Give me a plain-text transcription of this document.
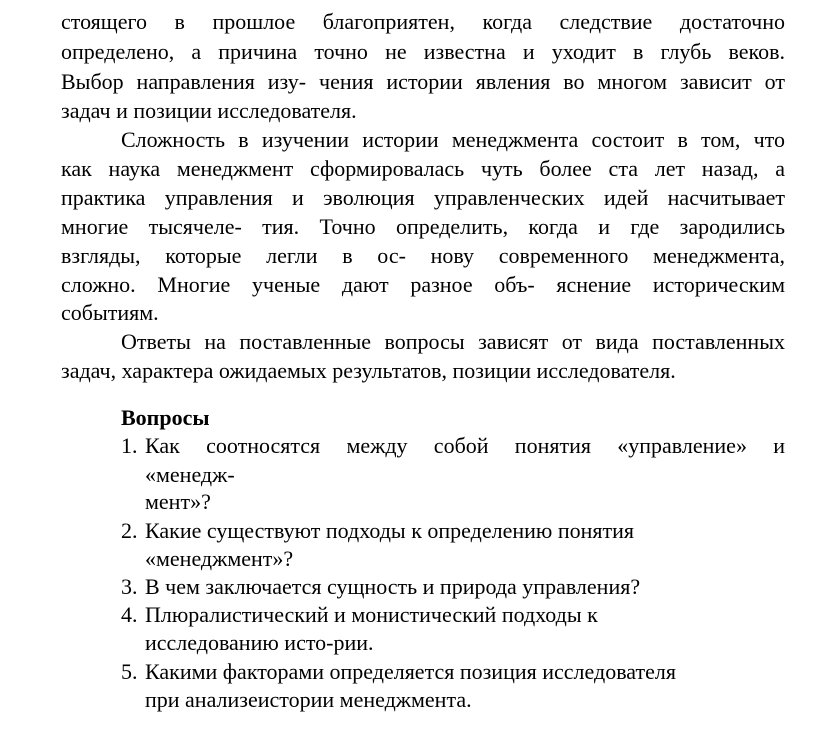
стоящего в прошлое благоприятен, когда следствие достаточно
определено, а причина точно не известна и уходит в глубь веков.
Выбор направления изу- чения истории явления во многом зависит от
задач и позиции исследователя.
Сложность в изучении истории менеджмента состоит в том, что
как наука менеджмент сформировалась чуть более ста лет назад, а
практика управления и эволюция управленческих идей насчитывает
многие тысячеле- тия. Точно определить, когда и где зародились
взгляды, которые легли в ос- нову современного менеджмента,
сложно. Многие ученые дают разное объ- яснение историческим
событиям.
Ответы на поставленные вопросы зависят от вида поставленных
задач, характера ожидаемых результатов, позиции исследователя.
Вопросы
1. Как соотносятся между собой понятия «управление» и
«менедж-
мент»?
2. Какие существуют подходы к определению понятия
«менеджмент»?
3. В чем заключается сущность и природа управления?
4. Плюралистический и монистический подходы к
исследованию исто-рии.
5. Какими факторами определяется позиция исследователя
при анализеистории менеджмента.
